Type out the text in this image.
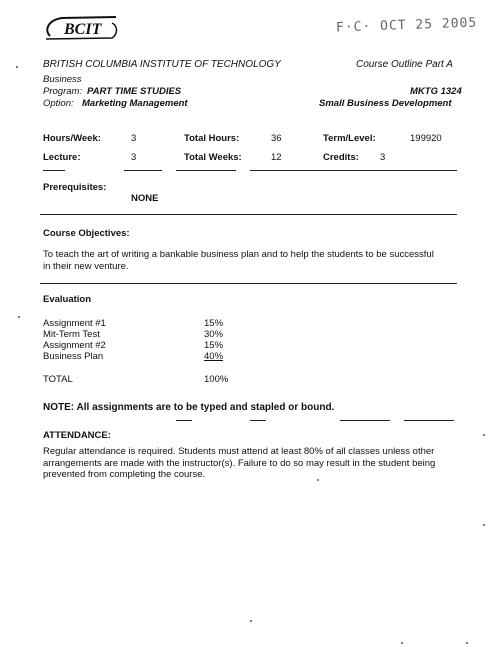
BCIT	F·C· OCT 25 2005
BRITISH COLUMBIA INSTITUTE OF TECHNOLOGY	Course Outline Part A
Business
Program: PART TIME STUDIES	MKTG 1324
Option: Marketing Management	Small Business Development
Hours/Week:	3	Total Hours:	36	Term/Level:	199920
Lecture:	3	Total Weeks:	12	Credits: 3
Prerequisites:
NONE
Course Objectives:
To teach the art of writing a bankable business plan and to help the students to be successful
in their new venture.
Evaluation
Assignment #1	15%
Mit-Term Test	30%
Assignment #2	15%
Business Plan	40%
TOTAL	100%
NOTE: All assignments are to be typed and stapled or bound.
ATTENDANCE:
Regular attendance is required. Students must attend at least 80% of all classes unless other
arrangements are made with the instructor(s). Failure to do so may result in the student being
prevented from completing the course.
